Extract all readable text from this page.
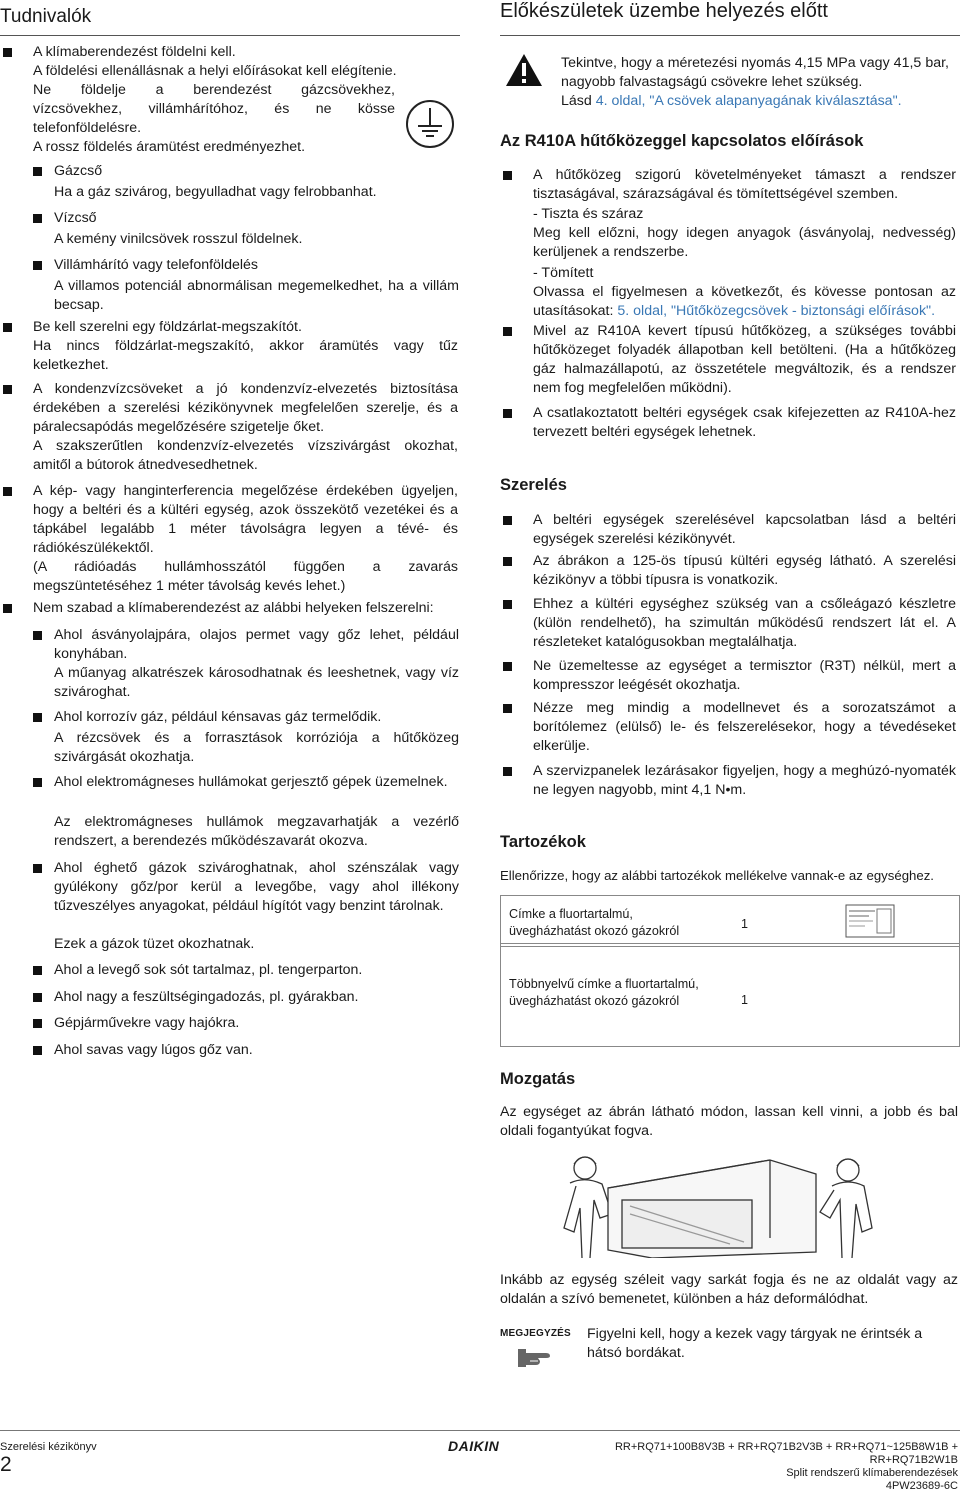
Tudnivalók	Előkészületek üzembe helyezés előtt
A klímaberendezést földelni kell.
A földelési ellenállásnak a helyi előírásokat kell elégítenie.
Ne földelje a berendezést gázcsövekhez,
vízcsövekhez, villámhárítóhoz, és ne kösse
telefonföldelésre.
A rossz földelés áramütést eredményezhet.
Gázcső
Ha a gáz szivárog, begyulladhat vagy felrobbanhat.
Vízcső
A kemény vinilcsövek rosszul földelnek.
Villámhárító vagy telefonföldelés
A villamos potenciál abnormálisan megemelkedhet, ha a villám becsap.
Be kell szerelni egy földzárlat-megszakítót.
Ha nincs földzárlat-megszakító, akkor áramütés vagy tűz keletkezhet.
A kondenzvízcsöveket a jó kondenzvíz-elvezetés biztosítása érdekében a szerelési kézikönyvnek megfelelően szerelje, és a páralecsapódás megelőzésére szigetelje őket.
A szakszerűtlen kondenzvíz-elvezetés vízszivárgást okozhat, amitől a bútorok átnedvesedhetnek.
A kép- vagy hanginterferencia megelőzése érdekében ügyeljen, hogy a beltéri és a kültéri egység, azok összekötő vezetékei és a tápkábel legalább 1 méter távolságra legyen a tévé- és rádiókészülékektől.
(A rádióadás hullámhosszától függően a zavarás megszüntetéséhez 1 méter távolság kevés lehet.)
Nem szabad a klímaberendezést az alábbi helyeken felszerelni:
Ahol ásványolajpára, olajos permet vagy gőz lehet, például konyhában.
A műanyag alkatrészek károsodhatnak és leeshetnek, vagy víz szivároghat.
Ahol korrozív gáz, például kénsavas gáz termelődik.
A rézcsövek és a forrasztások korróziója a hűtőközeg szivárgását okozhatja.
Ahol elektromágneses hullámokat gerjesztő gépek üzemelnek.
Az elektromágneses hullámok megzavarhatják a vezérlő rendszert, a berendezés működészavarát okozva.
Ahol éghető gázok szivároghatnak, ahol szénszálak vagy gyúlékony gőz/por kerül a levegőbe, vagy ahol illékony tűzveszélyes anyagokat, például hígítót vagy benzint tárolnak.
Ezek a gázok tüzet okozhatnak.
Ahol a levegő sok sót tartalmaz, pl. tengerparton.
Ahol nagy a feszültségingadozás, pl. gyárakban.
Gépjárművekre vagy hajókra.
Ahol savas vagy lúgos gőz van.
Tekintve, hogy a méretezési nyomás 4,15 MPa vagy 41,5 bar, nagyobb falvastagságú csövekre lehet szükség.
Lásd 4. oldal, "A csövek alapanyagának kiválasztása".
Az R410A hűtőközeggel kapcsolatos előírások
A hűtőközeg szigorú követelményeket támaszt a rendszer tisztaságával, szárazságával és tömítettségével szemben.
- Tiszta és száraz
Meg kell előzni, hogy idegen anyagok (ásványolaj, nedvesség) kerüljenek a rendszerbe.
- Tömített
Olvassa el figyelmesen a következőt, és kövesse pontosan az utasításokat: 5. oldal, "Hűtőközegcsövek - biztonsági előírások".
Mivel az R410A kevert típusú hűtőközeg, a szükséges további hűtőközeget folyadék állapotban kell betölteni. (Ha a hűtőközeg gáz halmazállapotú, az összetétele megváltozik, és a rendszer nem fog megfelelően működni).
A csatlakoztatott beltéri egységek csak kifejezetten az R410A-hez tervezett beltéri egységek lehetnek.
Szerelés
A beltéri egységek szerelésével kapcsolatban lásd a beltéri egységek szerelési kézikönyvét.
Az ábrákon a 125-ös típusú kültéri egység látható. A szerelési kézikönyv a többi típusra is vonatkozik.
Ehhez a kültéri egységhez szükség van a csőleágazó készletre (külön rendelhető), ha szimultán működésű rendszert lát el. A részleteket katalógusokban megtalálhatja.
Ne üzemeltesse az egységet a termisztor (R3T) nélkül, mert a kompresszor leégését okozhatja.
Nézze meg mindig a modellnevet és a sorozatszámot a borítólemez (elülső) le- és felszerelésekor, hogy a tévedéseket elkerülje.
A szervizpanelek lezárásakor figyeljen, hogy a meghúzó-nyomaték ne legyen nagyobb, mint 4,1 N•m.
Tartozékok
Ellenőrizze, hogy az alábbi tartozékok mellékelve vannak-e az egységhez.
Címke a fluortartalmú, üvegházhatást okozó gázokról	1
Többnyelvű címke a fluortartalmú, üvegházhatást okozó gázokról	1
Mozgatás
Az egységet az ábrán látható módon, lassan kell vinni, a jobb és bal oldali fogantyúkat fogva.
Inkább az egység széleit vagy sarkát fogja és ne az oldalát vagy az oldalán a szívó bemenetet, különben a ház deformálódhat.
MEGJEGYZÉS Figyelni kell, hogy a kezek vagy tárgyak ne érintsék a hátsó bordákat.
Szerelési kézikönyv
2
DAIKIN	RR+RQ71+100B8V3B + RR+RQ71B2V3B + RR+RQ71~125B8W1B +
RR+RQ71B2W1B
Split rendszerű klímaberendezések
4PW23689-6C
